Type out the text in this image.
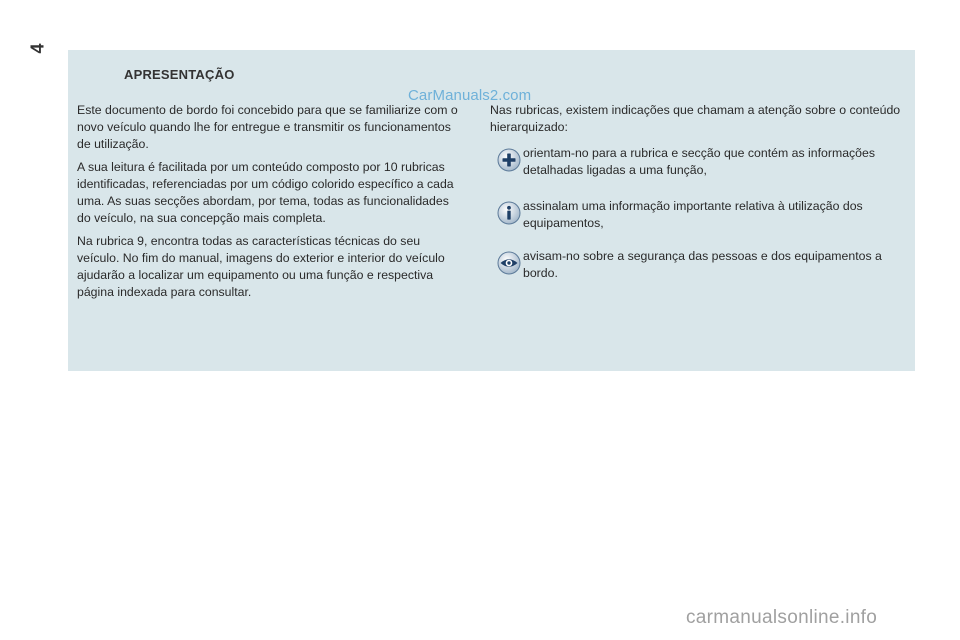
4
APRESENTAÇÃO
CarManuals2.com

Este documento de bordo foi concebido para que se familiarize com o novo veículo quando lhe for entregue e transmitir os funcionamentos de utilização.

A sua leitura é facilitada por um conteúdo composto por 10 rubricas identificadas, referenciadas por um código colorido específico a cada uma. As suas secções abordam, por tema, todas as funcionalidades do veículo, na sua concepção mais completa.

Na rubrica 9, encontra todas as características técnicas do seu veículo. No fim do manual, imagens do exterior e interior do veículo ajudarão a localizar um equipamento ou uma função e respectiva página indexada para consultar.

Nas rubricas, existem indicações que chamam a atenção sobre o conteúdo hierarquizado:

orientam-no para a rubrica e secção que contém as informações detalhadas ligadas a uma função,
assinalam uma informação importante relativa à utilização dos equipamentos,
avisam-no sobre a segurança das pessoas e dos equipamentos a bordo.
carmanualsonline.info
